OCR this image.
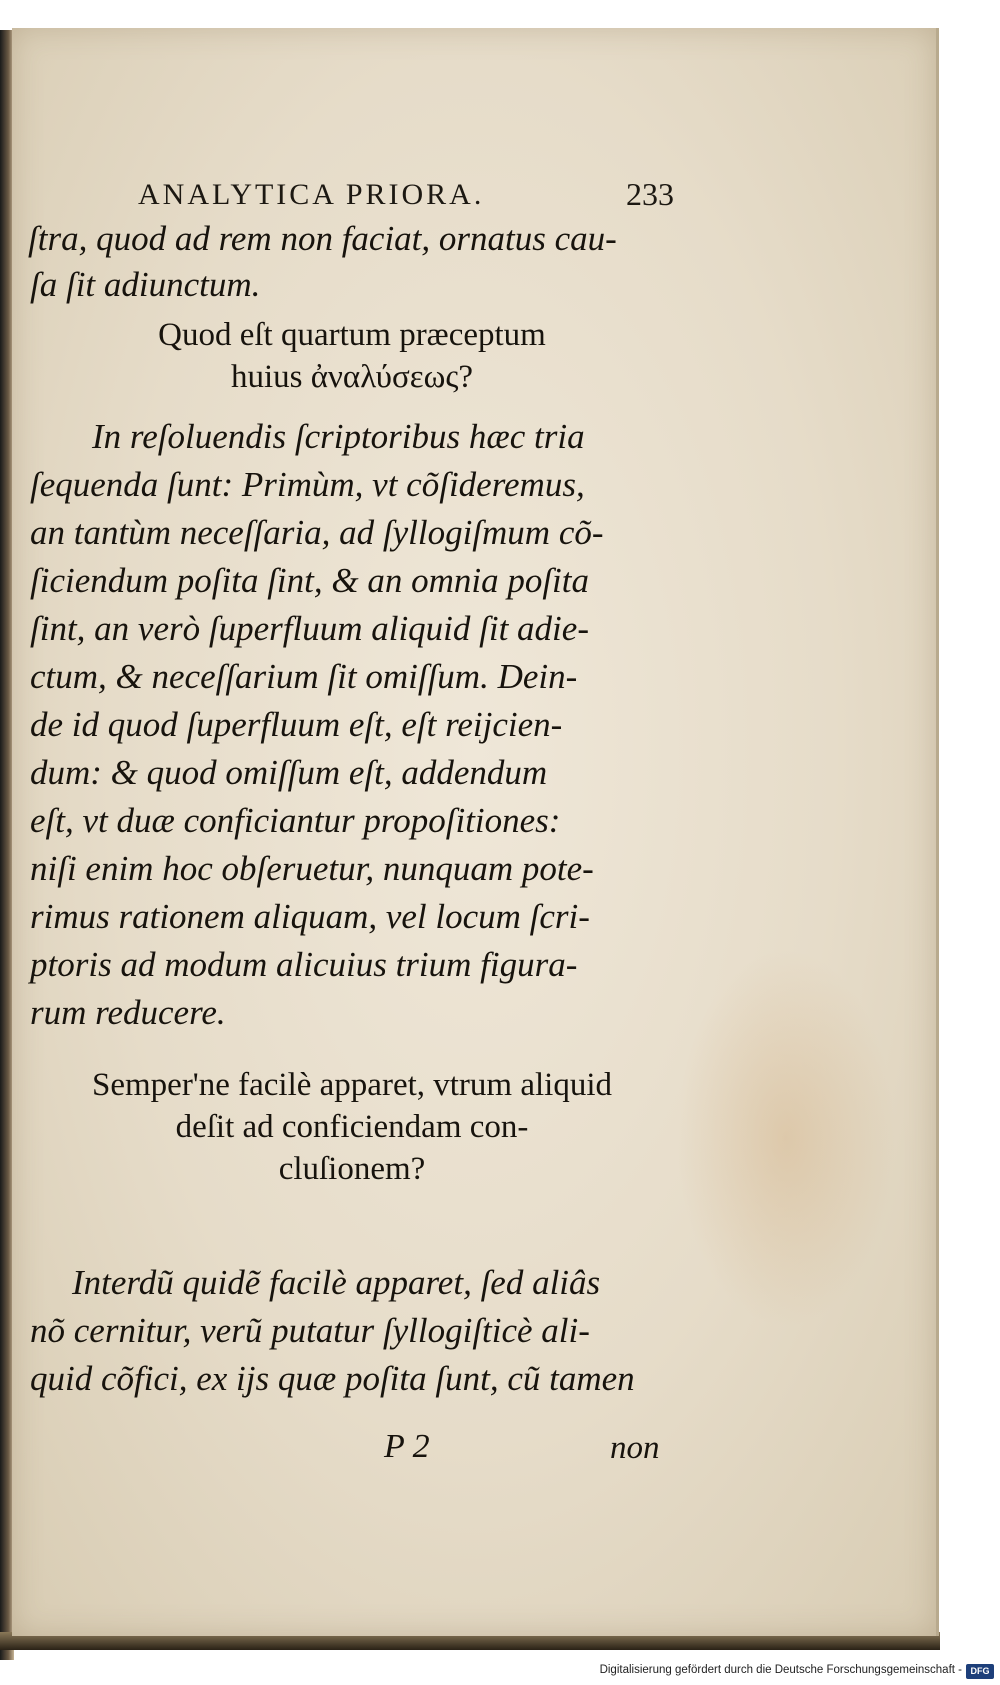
ANALYTICA PRIORA.	233
ſtra, quod ad rem non faciat, ornatus cau-
ſa ſit adiunctum.
Quod eſt quartum præceptum
huius ἀναλύσεως?
In reſoluendis ſcriptoribus hæc tria
ſequenda ſunt: Primùm, vt cõſideremus,
an tantùm neceſſaria, ad ſyllogiſmum cõ-
ſiciendum poſita ſint, & an omnia poſita
ſint, an verò ſuperfluum aliquid ſit adie-
ctum, & neceſſarium ſit omiſſum. Dein-
de id quod ſuperfluum eſt, eſt reijcien-
dum: & quod omiſſum eſt, addendum
eſt, vt duæ conficiantur propoſitiones:
niſi enim hoc obſeruetur, nunquam pote-
rimus rationem aliquam, vel locum ſcri-
ptoris ad modum alicuius trium figura-
rum reducere.
Semper'ne facilè apparet, vtrum aliquid
deſit ad conficiendam con-
cluſionem?
Interdũ quidẽ facilè apparet, ſed aliâs
nõ cernitur, verũ putatur ſyllogiſticè ali-
quid cõfici, ex ijs quæ poſita ſunt, cũ tamen
P 2	non
Digitalisierung gefördert durch die Deutsche Forschungsgemeinschaft - DFG
